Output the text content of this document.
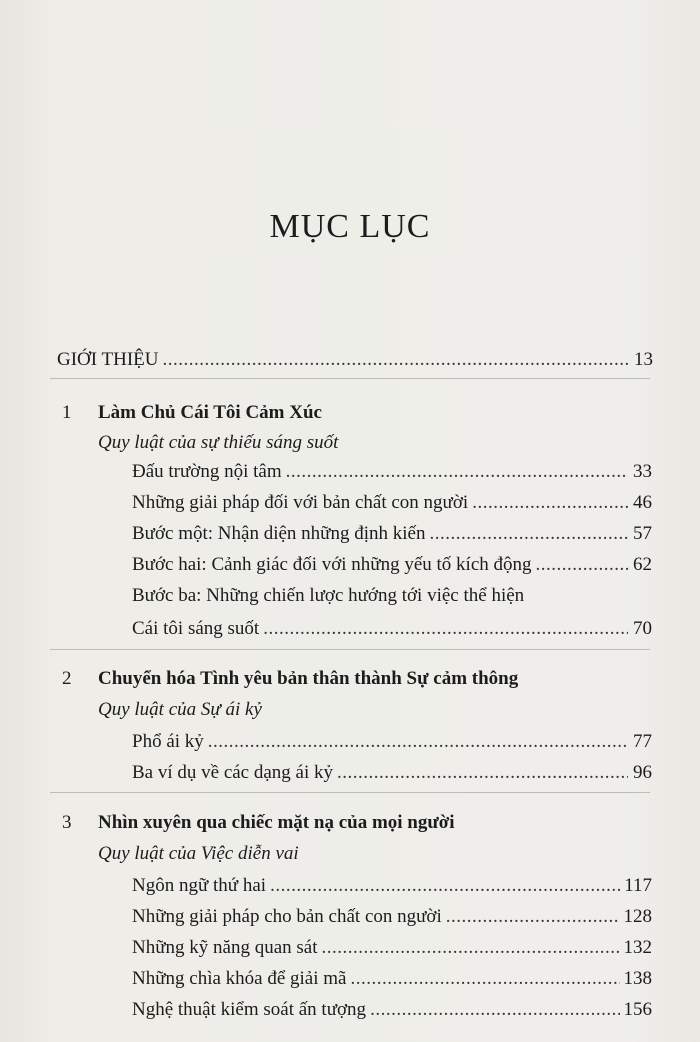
MỤC LỤC
GIỚI THIỆU .....	13
1 Làm Chủ Cái Tôi Cảm Xúc
Quy luật của sự thiếu sáng suốt
Đấu trường nội tâm .....	33
Những giải pháp đối với bản chất con người .....	46
Bước một: Nhận diện những định kiến .....	57
Bước hai: Cảnh giác đối với những yếu tố kích động .....	62
Bước ba: Những chiến lược hướng tới việc thể hiện
Cái tôi sáng suốt .....	70
2 Chuyển hóa Tình yêu bản thân thành Sự cảm thông
Quy luật của Sự ái kỷ
Phổ ái kỷ .....	77
Ba ví dụ về các dạng ái kỷ .....	96
3 Nhìn xuyên qua chiếc mặt nạ của mọi người
Quy luật của Việc diễn vai
Ngôn ngữ thứ hai .....	117
Những giải pháp cho bản chất con người .....	128
Những kỹ năng quan sát .....	132
Những chìa khóa để giải mã .....	138
Nghệ thuật kiểm soát ấn tượng .....	156
